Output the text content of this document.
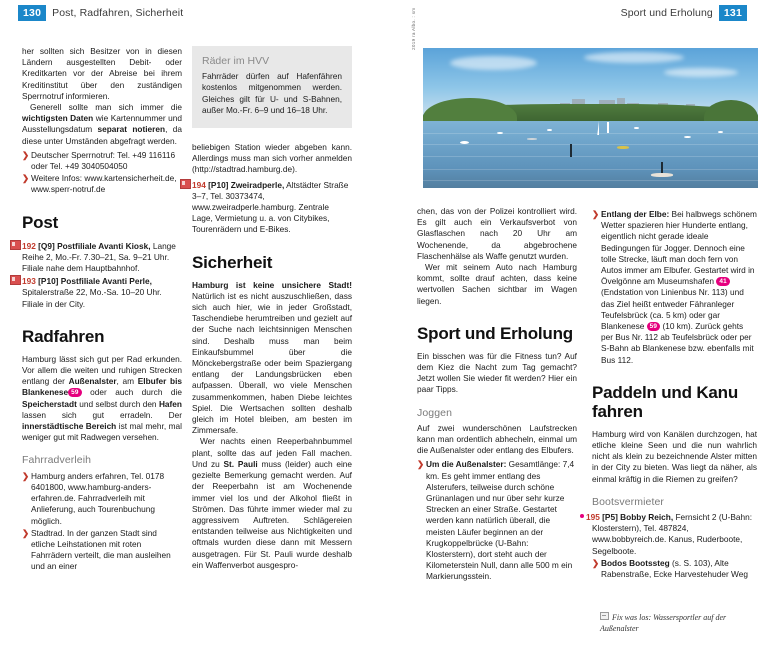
130	Post, Radfahren, Sicherheit	Sport und Erholung	131

her sollten sich Besitzer von in diesen Ländern ausgestellten Debit- oder Kreditkarten vor der Abreise bei ihrem Kreditinstitut über den zuständigen Sperrnotruf informieren.

Generell sollte man sich immer die wichtigsten Daten wie Kartennummer und Ausstellungsdatum separat notieren, da diese unter Umständen abgefragt werden.

❯ Deutscher Sperrnotruf: Tel. +49 116116 oder Tel. +49 3040504050
❯ Weitere Infos: www.kartensicherheit.de, www.sperr-notruf.de
Post
192 [Q9] Postfiliale Avanti Kiosk, Lange Reihe 2, Mo.-Fr. 7.30–21, Sa. 9–21 Uhr. Filiale nahe dem Hauptbahnhof.
193 [P10] Postfiliale Avanti Perle, Spitalerstraße 22, Mo.-Sa. 10–20 Uhr. Filiale in der City.
Radfahren

Hamburg lässt sich gut per Rad erkunden. Vor allem die weiten und ruhigen Strecken entlang der Außenalster, am Elbufer bis Blankenese 59 oder auch durch die Speicherstadt und selbst durch den Hafen lassen sich gut erradeln. Der innerstädtische Bereich ist mal mehr, mal weniger gut mit Radwegen versehen.

Fahrradverleih
❯ Hamburg anders erfahren, Tel. 0178 6401800, www.hamburg-anders-erfahren.de. Fahrradverleih mit Anlieferung, auch Tourenbuchung möglich.
❯ Stadtrad. In der ganzen Stadt sind etliche Leihstationen mit roten Fahrrädern verteilt, die man ausleihen und an einer
Räder im HVV

Fahrräder dürfen auf Hafenfähren kostenlos mitgenommen werden. Gleiches gilt für U- und S-Bahnen, außer Mo.-Fr. 6–9 und 16–18 Uhr.

beliebigen Station wieder abgeben kann. Allerdings muss man sich vorher anmelden (http://stadtrad.hamburg.de).

194 [P10] Zweiradperle, Altstädter Straße 3–7, Tel. 30373474, www.zweiradperle.hamburg. Zentrale Lage, Vermietung u. a. von Citybikes, Tourenrädern und E-Bikes.
Sicherheit

Hamburg ist keine unsichere Stadt! Natürlich ist es nicht auszuschließen, dass sich auch hier, wie in jeder Großstadt, Taschendiebe herumtreiben und gezielt auf der Suche nach leichtsinnigen Menschen sind. Deshalb muss man beim Einkaufsbummel über die Mönckebergstraße oder beim Spaziergang entlang der Landungsbrücken eben aufpassen. Überall, wo viele Menschen zusammenkommen, haben Diebe leichtes Spiel. Die Wertsachen sollten deshalb gleich im Hotel bleiben, am besten im Zimmersafe.

Wer nachts einen Reeperbahnbummel plant, sollte das auf jeden Fall machen. Und zu St. Pauli muss (leider) auch eine gezielte Bemerkung gemacht werden. Auf der Reeperbahn ist am Wochenende immer viel los und der Alkohol fließt in Strömen. Das führte immer wieder mal zu aggressivem Auftreten. Schlägereien entstanden teilweise aus Nichtigkeiten und oftmals wurden diese dann mit Messern ausgetragen. Für St. Pauli wurde deshalb ein Waffenverbot ausgespro-

2019 ra Albo. : sm

chen, das von der Polizei kontrolliert wird. Es gilt auch ein Verkaufsverbot von Glasflaschen nach 20 Uhr am Wochenende, da abgebrochene Flaschenhälse als Waffe genutzt wurden.

Wer mit seinem Auto nach Hamburg kommt, sollte drauf achten, dass keine wertvollen Sachen sichtbar im Wagen liegen.

Sport und Erholung

Ein bisschen was für die Fitness tun? Auf dem Kiez die Nacht zum Tag gemacht? Jetzt wollen Sie wieder fit werden? Hier ein paar Tipps.

Joggen

Auf zwei wunderschönen Laufstrecken kann man ordentlich abhecheln, einmal um die Außenalster oder entlang des Elbufers.

❯ Um die Außenalster: Gesamtlänge: 7,4 km. Es geht immer entlang des Alsterufers, teilweise durch schöne Grünanlagen und nur über sehr kurze Strecken an einer Straße. Gestartet werden kann natürlich überall, die meisten Läufer beginnen an der Krugkoppelbrücke (U-Bahn: Klosterstern), dort steht auch der Kilometerstein Null, dann alle 500 m ein Markierungsstein.
❯ Entlang der Elbe: Bei halbwegs schönem Wetter spazieren hier Hunderte entlang, eigentlich nicht gerade ideale Bedingungen für Jogger. Dennoch eine tolle Strecke, läuft man doch fern von Autos immer am Elbufer. Gestartet wird in Övelgönne am Museumshafen 41 (Endstation von Linienbus Nr. 113) und das Ziel heißt entweder Fähranleger Teufelsbrück (ca. 5 km) oder gar Blankenese 59 (10 km). Zurück gehts per Bus Nr. 112 ab Teufelsbrück oder per S-Bahn ab Blankenese bzw. ebenfalls mit Bus 112.
Paddeln und Kanu fahren

Hamburg wird von Kanälen durchzogen, hat etliche kleine Seen und die nun wahrlich nicht als klein zu bezeichnende Alster mitten in der City zu bieten. Was liegt da näher, als einmal kräftig in die Riemen zu greifen?

Bootsvermieter
195 [P5] Bobby Reich, Fernsicht 2 (U-Bahn: Klosterstern), Tel. 487824, www.bobbyreich.de. Kanus, Ruderboote, Segelboote.
❯ Bodos Bootssteg (s. S. 103), Alte Rabenstraße, Ecke Harvestehuder Weg
Fix was los: Wassersportler auf der Außenalster
